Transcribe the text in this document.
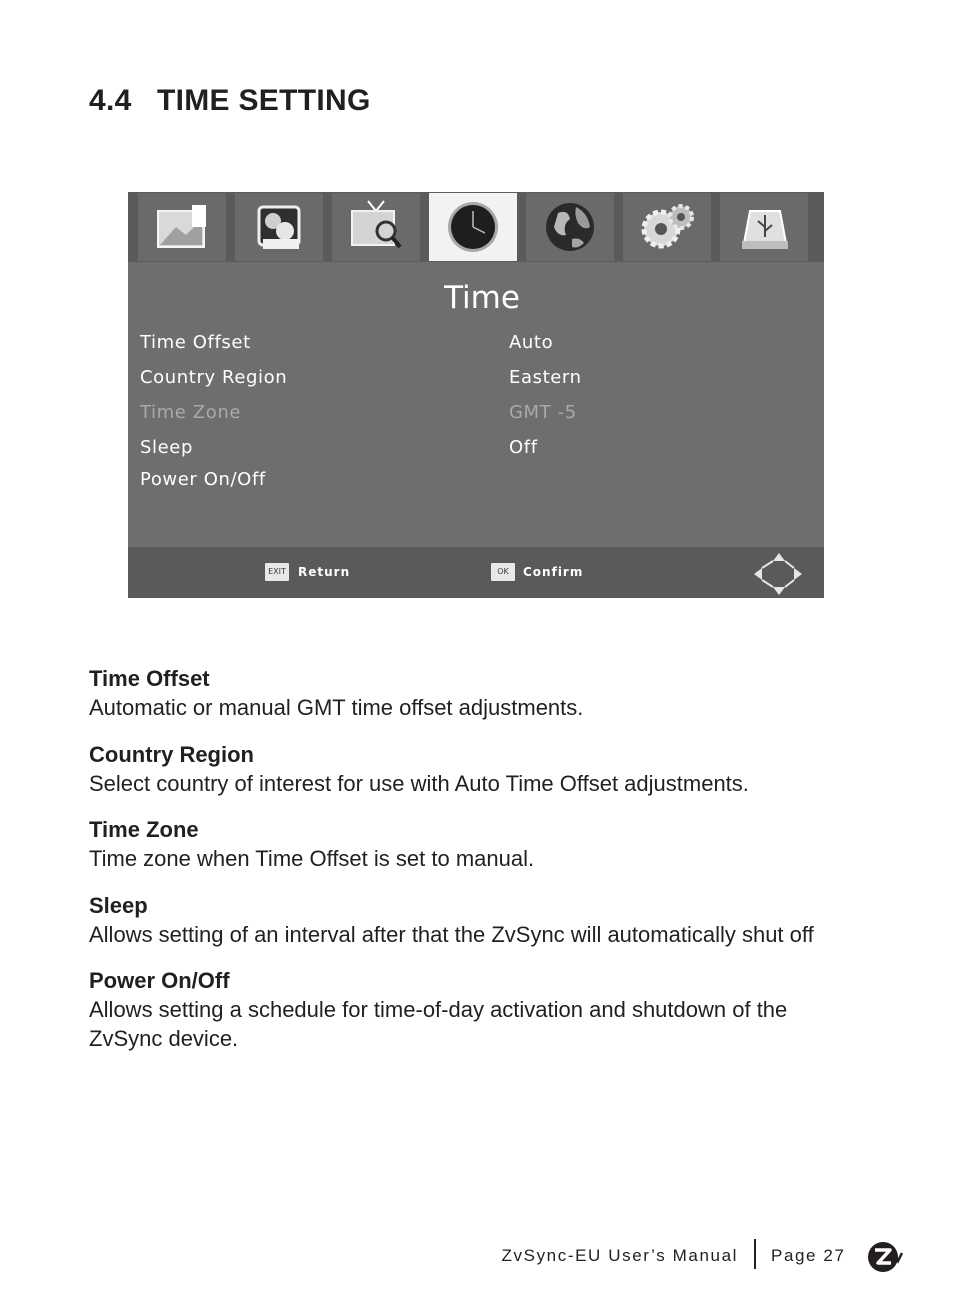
4.4 TIME SETTING
Time
Time Offset	Auto
Country Region	Eastern
Time Zone	GMT -5
Sleep	Off
Power On/Off
EXIT Return	OK	Confirm
Time Offset

Automatic or manual GMT time offset adjustments.

Country Region

Select country of interest for use with Auto Time Offset adjustments.

Time Zone

Time zone when Time Offset is set to manual.

Sleep

Allows setting of an interval after that the ZvSync will automatically shut off

Power On/Off

Allows setting a schedule for time-of-day activation and shutdown of the ZvSync device.

ZvSync-EU User’s Manual Page 27
